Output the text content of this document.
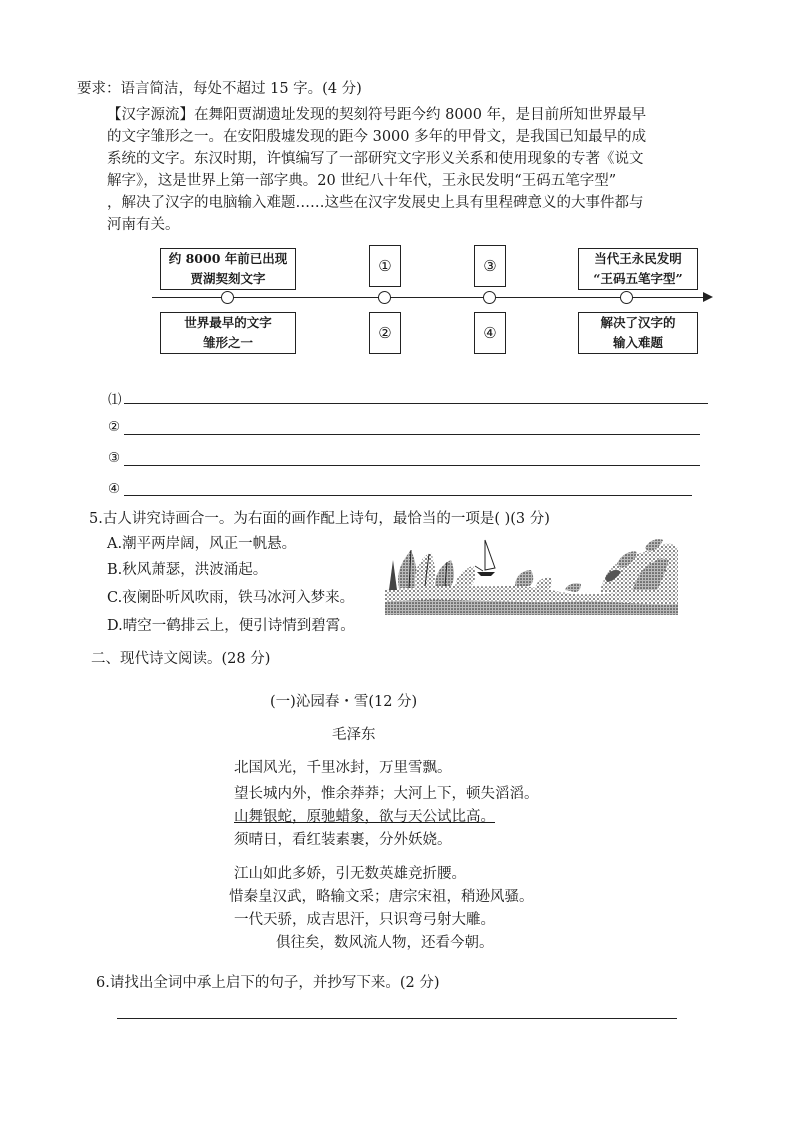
要求：语言简洁，每处不超过 15 字。(4 分)

【汉字源流】在舞阳贾湖遗址发现的契刻符号距今约 8000 年，是目前所知世界最早

的文字雏形之一。在安阳殷墟发现的距今 3000 多年的甲骨文，是我国已知最早的成

系统的文字。东汉时期，许慎编写了一部研究文字形义关系和使用现象的专著《说文

解字》，这是世界上第一部字典。20 世纪八十年代，王永民发明“王码五笔字型”

，解决了汉字的电脑输入难题……这些在汉字发展史上具有里程碑意义的大事件都与

河南有关。

约 8000 年前已出现
贾湖契刻文字
世界最早的文字
雏形之一
①
②
③
④
当代王永民发明
“王码五笔字型”
解决了汉字的
输入难题
⑴
②
③
④
5.古人讲究诗画合一。为右面的画作配上诗句，最恰当的一项是( )(3 分)
A.潮平两岸阔，风正一帆悬。
B.秋风萧瑟，洪波涌起。
C.夜阑卧听风吹雨，铁马冰河入梦来。
D.晴空一鹤排云上，便引诗情到碧霄。
二、现代诗文阅读。(28 分)
(一)沁园春・雪(12 分)
毛泽东
北国风光，千里冰封，万里雪飘。
望长城内外，惟余莽莽；大河上下，顿失滔滔。
山舞银蛇，原驰蜡象，欲与天公试比高。
须晴日，看红装素裹，分外妖娆。
江山如此多娇，引无数英雄竞折腰。
惜秦皇汉武，略输文采；唐宗宋祖，稍逊风骚。
一代天骄，成吉思汗，只识弯弓射大雕。
俱往矣，数风流人物，还看今朝。
6.请找出全词中承上启下的句子，并抄写下来。(2 分)
